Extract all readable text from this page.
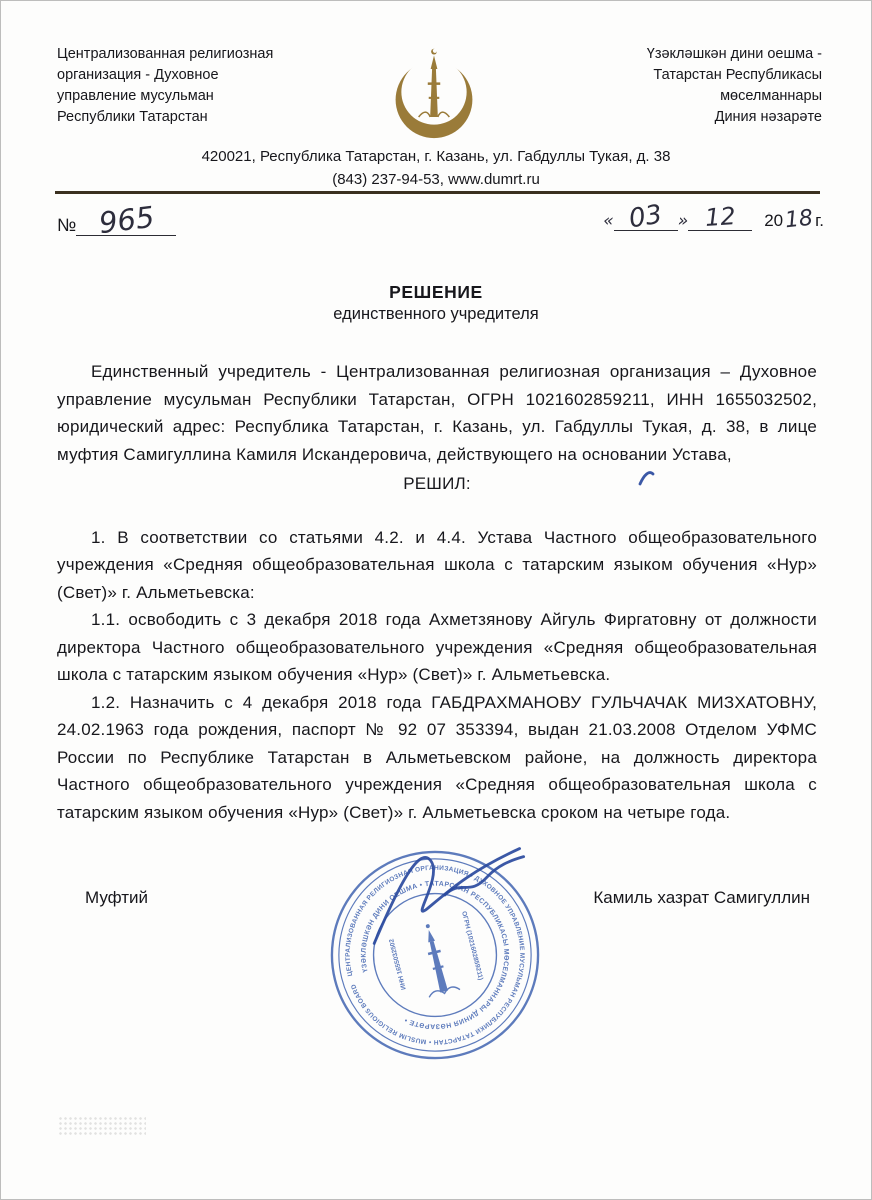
Централизованная религиозная
организация - Духовное
управление мусульман
Республики Татарстан
Үзәкләшкән дини оешма -
Татарстан Республикасы
мөселманнары
Диния нәзарәте
420021, Республика Татарстан, г. Казань, ул. Габдуллы Тукая, д. 38
(843) 237-94-53, www.dumrt.ru
№ 965	« 03 » 12	20 18 г.
РЕШЕНИЕ
единственного учредителя

Единственный учредитель - Централизованная религиозная организация – Духовное управление мусульман Республики Татарстан, ОГРН 1021602859211, ИНН 1655032502, юридический адрес: Республика Татарстан, г. Казань, ул. Габдуллы Тукая, д. 38, в лице муфтия Самигуллина Камиля Искандеровича, действующего на основании Устава,

РЕШИЛ:

1. В соответствии со статьями 4.2. и 4.4. Устава Частного общеобразовательного учреждения «Средняя общеобразовательная школа с татарским языком обучения «Нур» (Свет)» г. Альметьевска:

1.1. освободить с 3 декабря 2018 года Ахметзянову Айгуль Фиргатовну от должности директора Частного общеобразовательного учреждения «Средняя общеобразовательная школа с татарским языком обучения «Нур» (Свет)» г. Альметьевска.

1.2. Назначить с 4 декабря 2018 года ГАБДРАХМАНОВУ ГУЛЬЧАЧАК МИЗХАТОВНУ, 24.02.1963 года рождения, паспорт № 92 07 353394, выдан 21.03.2008 Отделом УФМС России по Республике Татарстан в Альметьевском районе, на должность директора Частного общеобразовательного учреждения «Средняя общеобразовательная школа с татарским языком обучения «Нур» (Свет)» г. Альметьевска сроком на четыре года.

Муфтий	Камиль хазрат Самигуллин
ЦЕНТРАЛИЗОВАННАЯ РЕЛИГИОЗНАЯ ОРГАНИЗАЦИЯ • ДУХОВНОЕ УПРАВЛЕНИЕ МУСУЛЬМАН РЕСПУБЛИКИ ТАТАРСТАН • MUSLIM RELIGIOUS BOARD
ҮЗӘКЛӘШКӘН ДИНИ ОЕШМА • ТАТАРСТАН РЕСПУБЛИКАСЫ МӨСЕЛМАННАРЫ ДИНИЯ НӘЗАРӘТЕ •
ИНН 1655032502	ОГРН (1021602859211)
